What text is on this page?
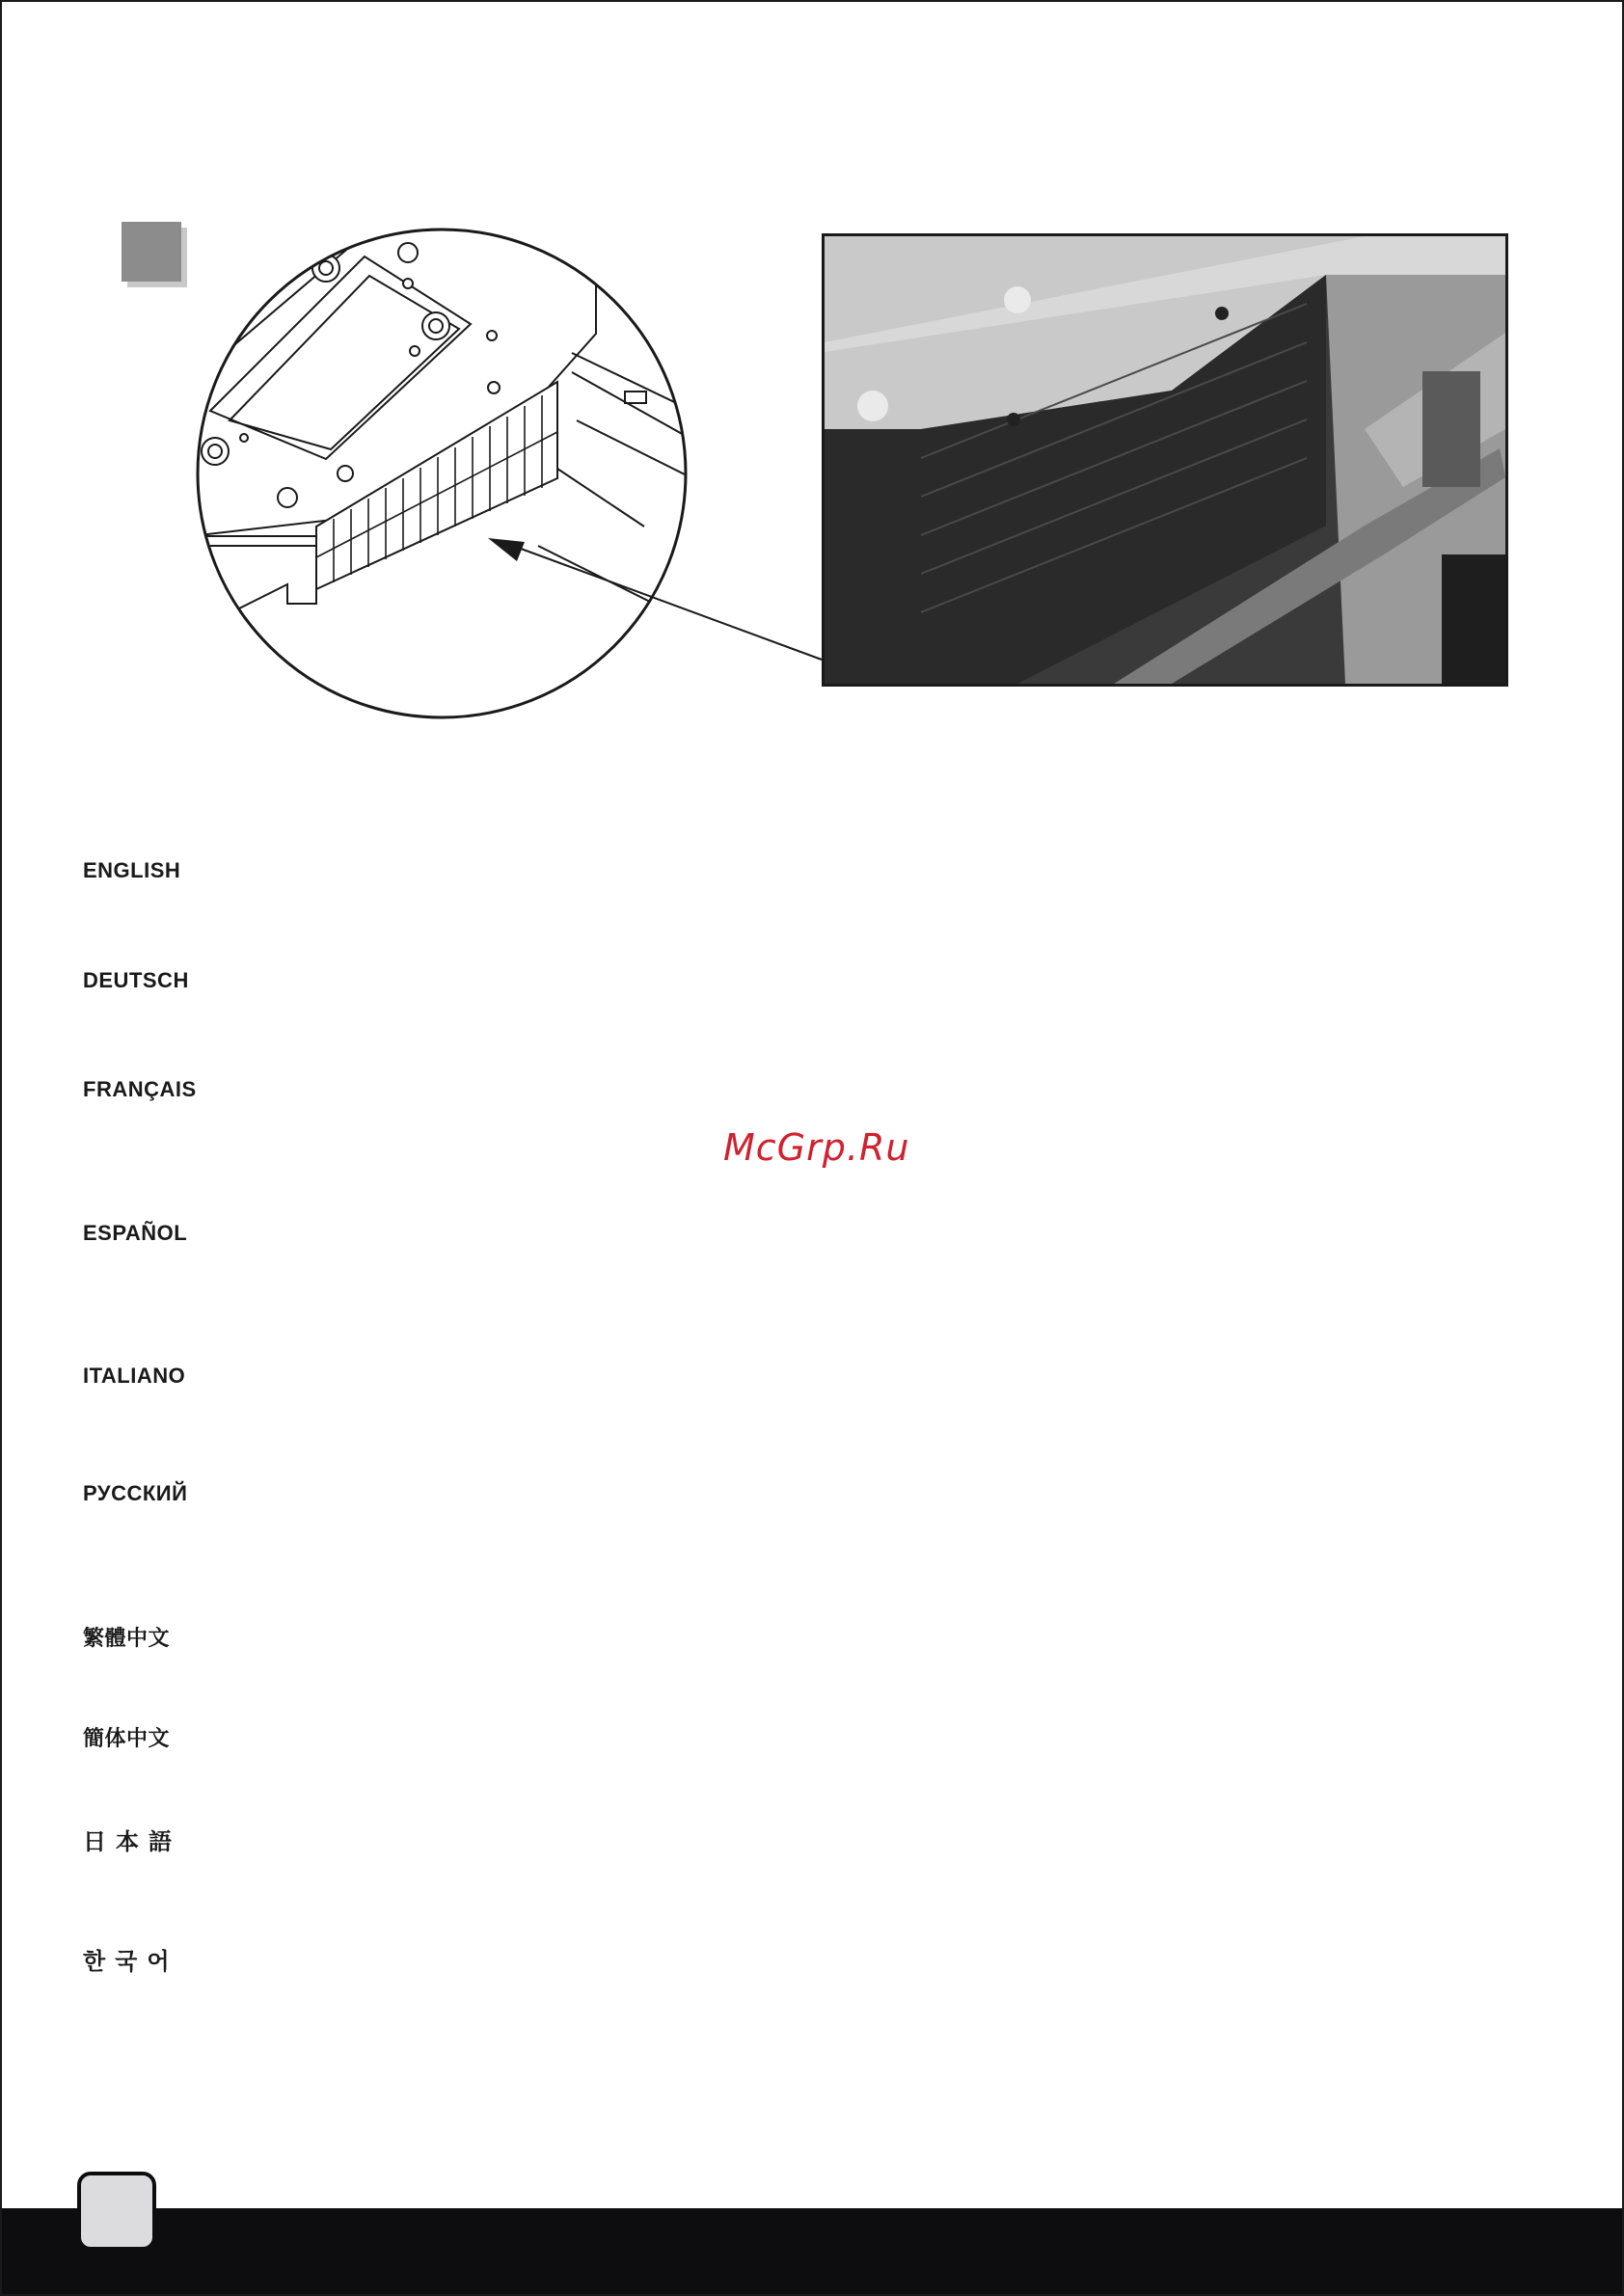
ENGLISH
DEUTSCH
FRANÇAIS
ESPAÑOL
ITALIANO
РУССКИЙ
繁體中文
簡体中文
日本語
한국어
McGrp.Ru
